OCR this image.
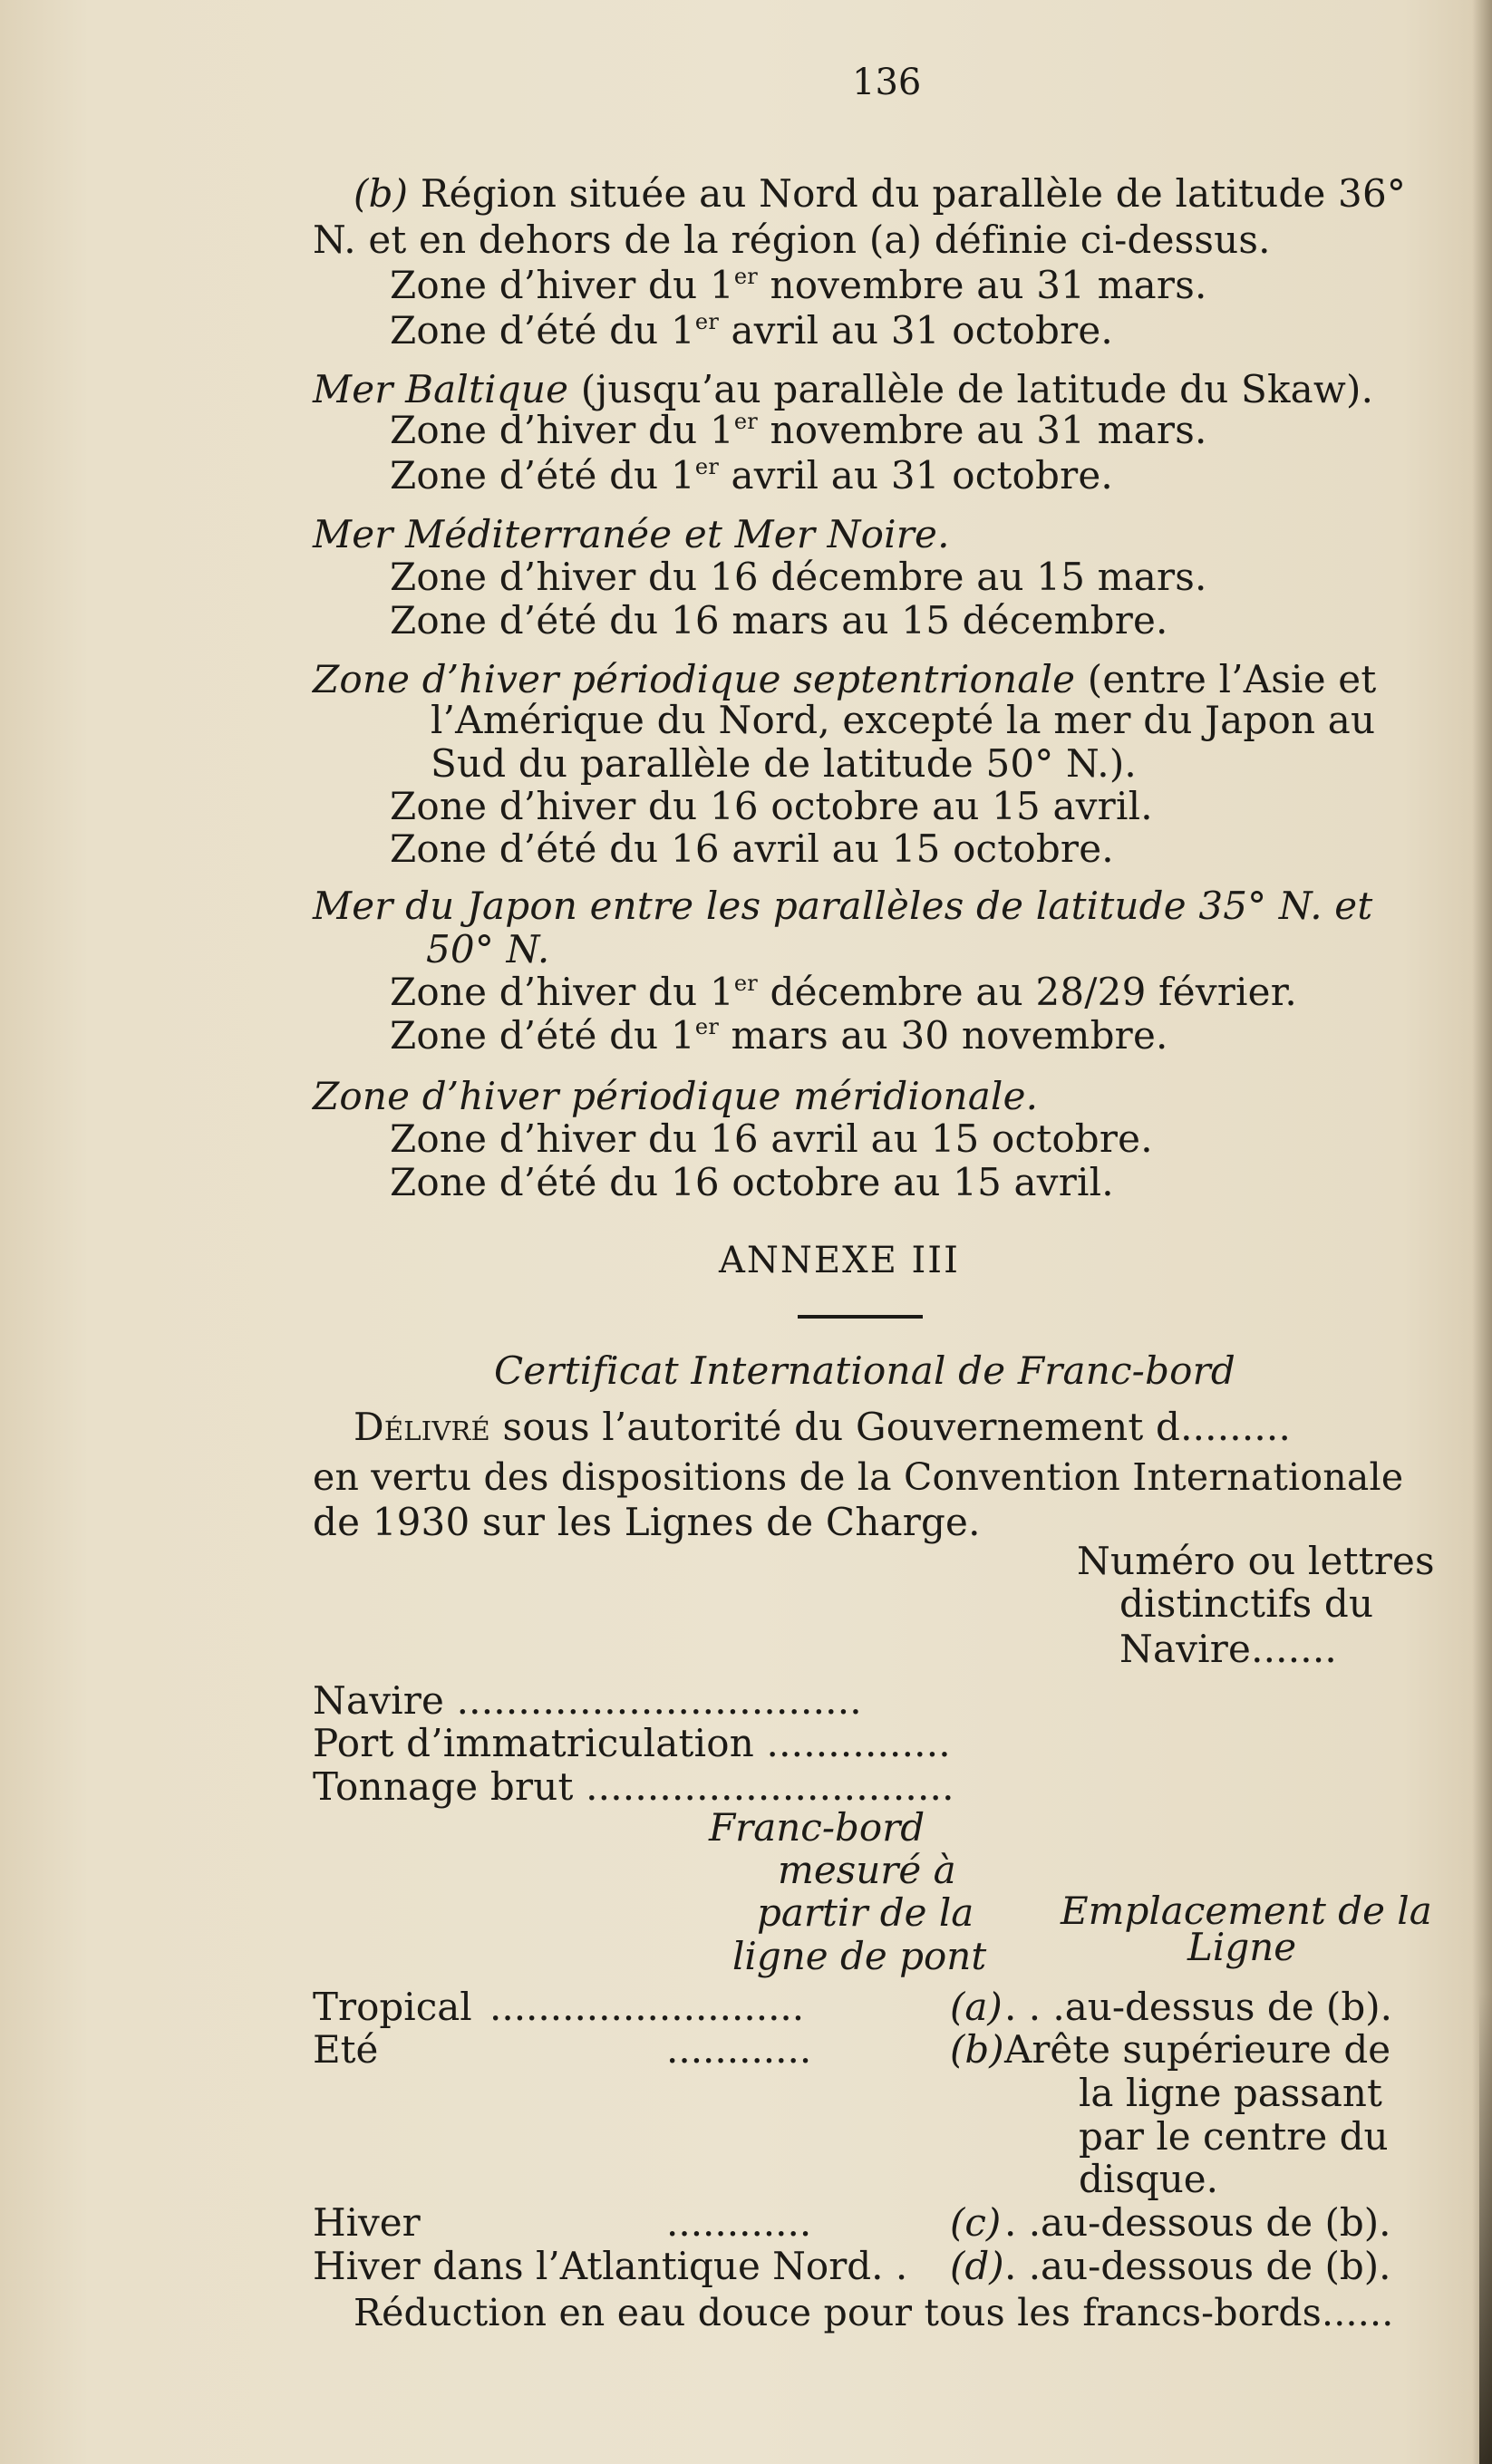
136
(b) Région située au Nord du parallèle de latitude 36°
N. et en dehors de la région (a) définie ci-dessus.
Zone d’hiver du 1er novembre au 31 mars.
Zone d’été du 1er avril au 31 octobre.
Mer Baltique (jusqu’au parallèle de latitude du Skaw).
Zone d’hiver du 1er novembre au 31 mars.
Zone d’été du 1er avril au 31 octobre.
Mer Méditerranée et Mer Noire.
Zone d’hiver du 16 décembre au 15 mars.
Zone d’été du 16 mars au 15 décembre.
Zone d’hiver périodique septentrionale (entre l’Asie et
l’Amérique du Nord, excepté la mer du Japon au
Sud du parallèle de latitude 50° N.).
Zone d’hiver du 16 octobre au 15 avril.
Zone d’été du 16 avril au 15 octobre.
Mer du Japon entre les parallèles de latitude 35° N. et
50° N.
Zone d’hiver du 1er décembre au 28/29 février.
Zone d’été du 1er mars au 30 novembre.
Zone d’hiver périodique méridionale.
Zone d’hiver du 16 avril au 15 octobre.
Zone d’été du 16 octobre au 15 avril.
ANNEXE III
Certificat International de Franc-bord
Délivré sous l’autorité du Gouvernement d.........
en vertu des dispositions de la Convention Internationale
de 1930 sur les Lignes de Charge.
Numéro ou lettres
distinctifs du
Navire.......
Navire .................................
Port d’immatriculation ...............
Tonnage brut ..............................
Franc-bord
mesuré à
partir de la
ligne de pont
Emplacement de la
Ligne
Tropical ..........................	(a) . . .au-dessus de (b).
Eté	............	(b) Arête supérieure de
la ligne passant
par le centre du
disque.
Hiver	............	(c) . .au-dessous de (b).
Hiver dans l’Atlantique Nord. . (d) . .au-dessous de (b).
Réduction en eau douce pour tous les francs-bords......
